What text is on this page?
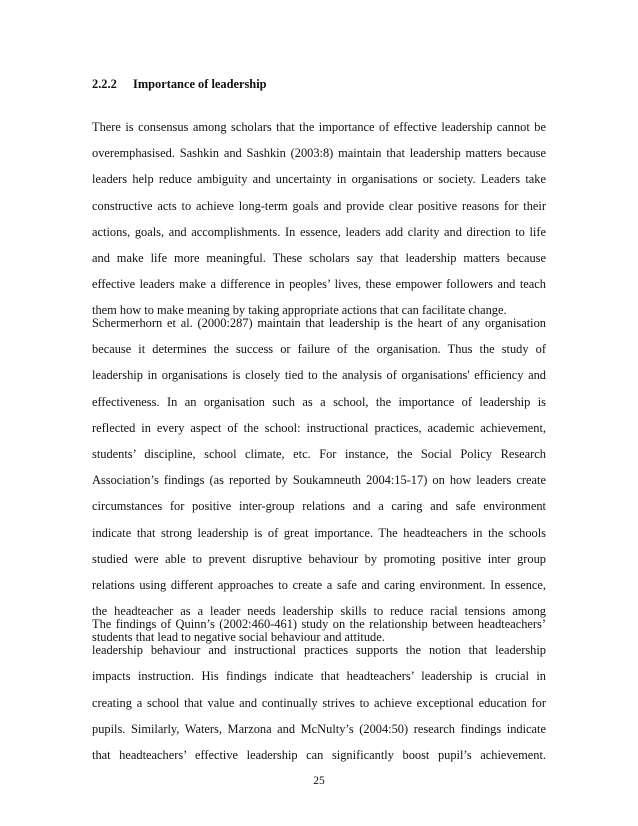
2.2.2 Importance of leadership
There is consensus among scholars that the importance of effective leadership cannot be
overemphasised. Sashkin and Sashkin (2003:8) maintain that leadership matters because
leaders help reduce ambiguity and uncertainty in organisations or society. Leaders take
constructive acts to achieve long-term goals and provide clear positive reasons for their
actions, goals, and accomplishments. In essence, leaders add clarity and direction to life
and make life more meaningful. These scholars say that leadership matters because
effective leaders make a difference in peoples’ lives, these empower followers and teach
them how to make meaning by taking appropriate actions that can facilitate change.
Schermerhorn et al. (2000:287) maintain that leadership is the heart of any organisation
because it determines the success or failure of the organisation. Thus the study of
leadership in organisations is closely tied to the analysis of organisations' efficiency and
effectiveness. In an organisation such as a school, the importance of leadership is
reflected in every aspect of the school: instructional practices, academic achievement,
students’ discipline, school climate, etc. For instance, the Social Policy Research
Association’s findings (as reported by Soukamneuth 2004:15-17) on how leaders create
circumstances for positive inter-group relations and a caring and safe environment
indicate that strong leadership is of great importance. The headteachers in the schools
studied were able to prevent disruptive behaviour by promoting positive inter group
relations using different approaches to create a safe and caring environment. In essence,
the headteacher as a leader needs leadership skills to reduce racial tensions among
students that lead to negative social behaviour and attitude.
The findings of Quinn’s (2002:460-461) study on the relationship between headteachers’
leadership behaviour and instructional practices supports the notion that leadership
impacts instruction. His findings indicate that headteachers’ leadership is crucial in
creating a school that value and continually strives to achieve exceptional education for
pupils. Similarly, Waters, Marzona and McNulty’s (2004:50) research findings indicate
that headteachers’ effective leadership can significantly boost pupil’s achievement.
25
